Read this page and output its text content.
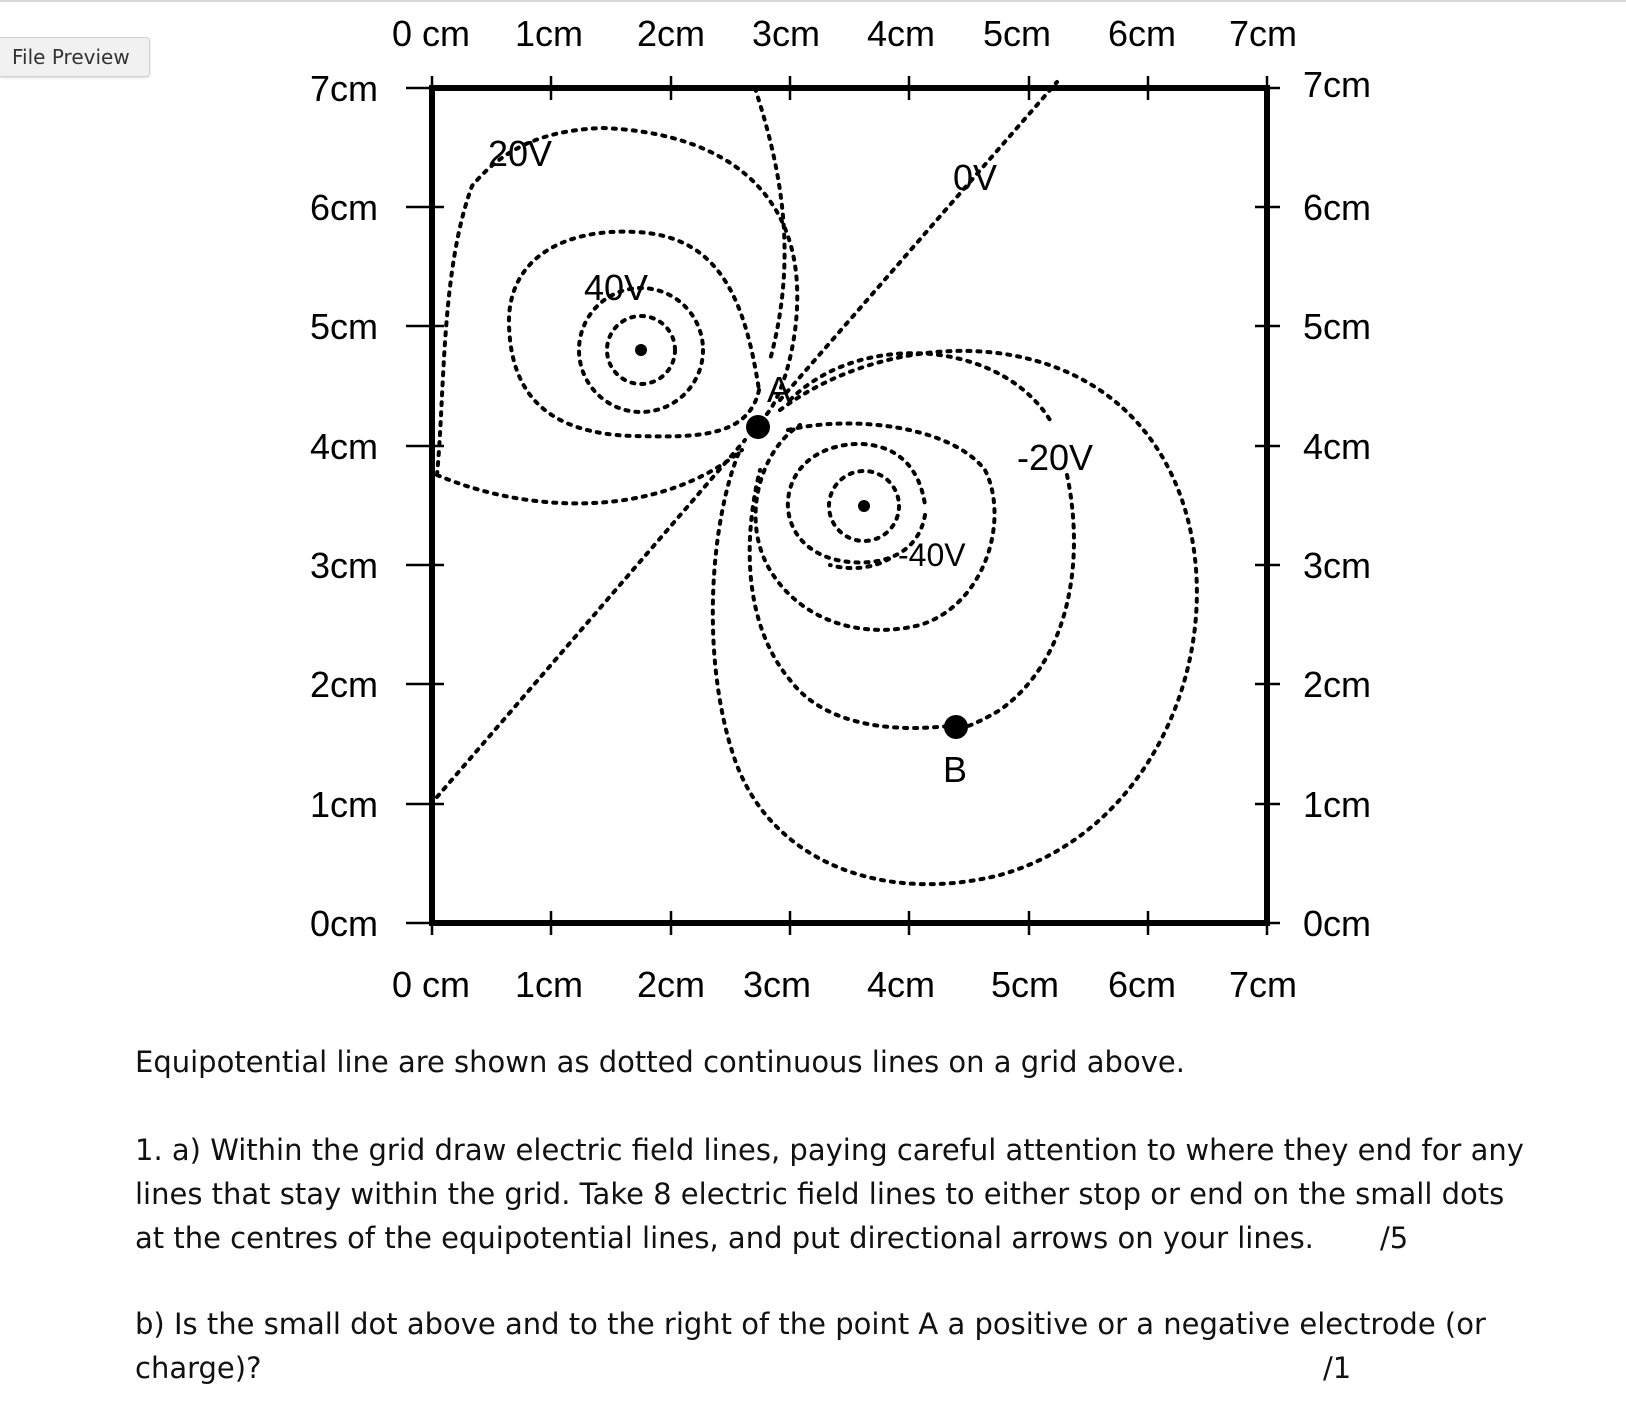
File Preview
0 cm 1cm 2cm 3cm 4cm 5cm 6cm 7cm
0 cm 1cm 2cm 3cm 4cm 5cm 6cm 7cm
7cm
6cm
5cm
4cm
3cm
2cm
1cm
0cm
7cm
6cm
5cm
4cm
3cm
2cm
1cm
0cm
20V
40V
0V
-20V
-40V
A
B
Equipotential line are shown as dotted continuous lines on a grid above.
1. a) Within the grid draw electric field lines, paying careful attention to where they end for any
lines that stay within the grid. Take 8 electric field lines to either stop or end on the small dots
at the centres of the equipotential lines, and put directional arrows on your lines. /5
b) Is the small dot above and to the right of the point A a positive or a negative electrode (or
charge)?	/1
